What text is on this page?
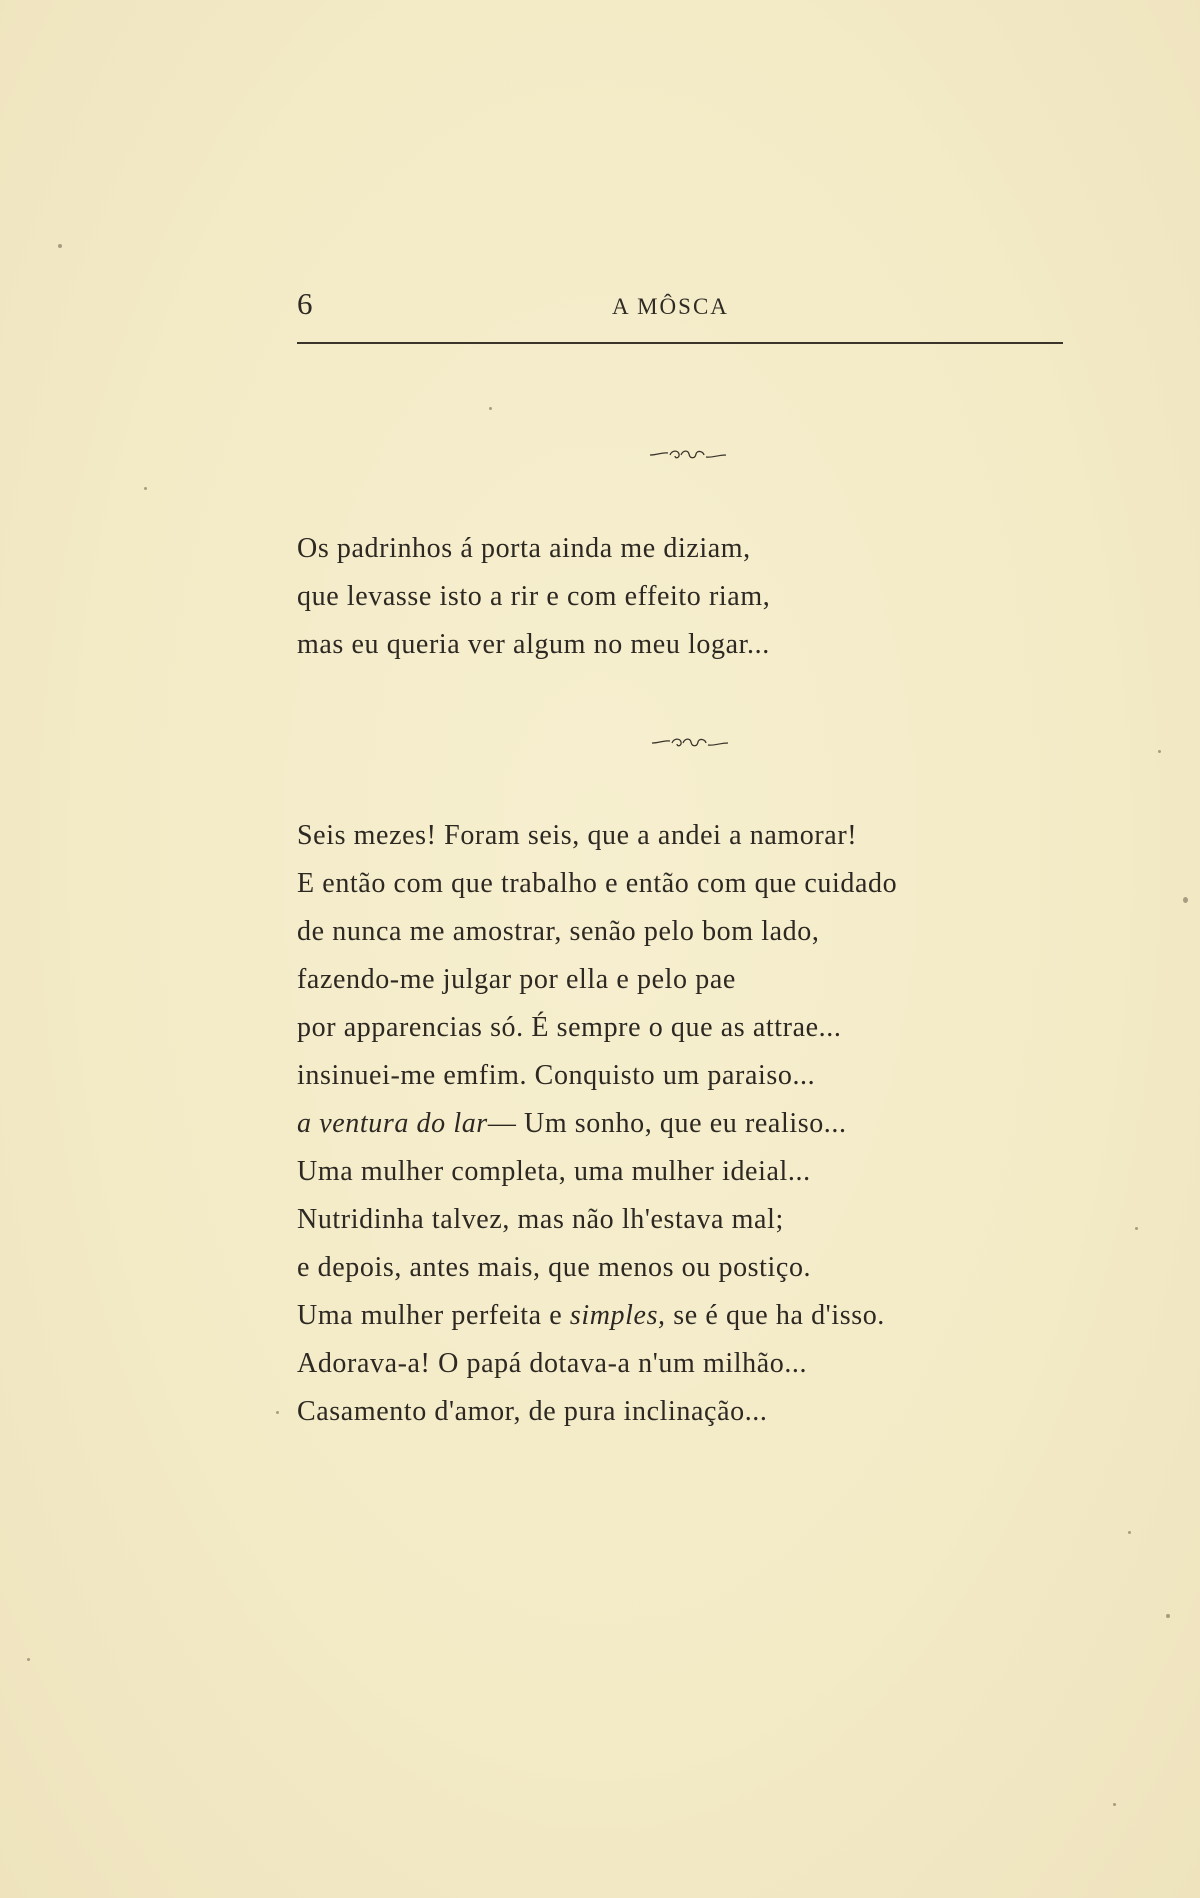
6	A MÔSCA
Os padrinhos á porta ainda me diziam,
que levasse isto a rir e com effeito riam,
mas eu queria ver algum no meu logar...
Seis mezes! Foram seis, que a andei a namorar!
E então com que trabalho e então com que cuidado
de nunca me amostrar, senão pelo bom lado,
fazendo-me julgar por ella e pelo pae
por apparencias só. É sempre o que as attrae...
insinuei-me emfim. Conquisto um paraiso...
a ventura do lar— Um sonho, que eu realiso...
Uma mulher completa, uma mulher ideial...
Nutridinha talvez, mas não lh'estava mal;
e depois, antes mais, que menos ou postiço.
Uma mulher perfeita e simples, se é que ha d'isso.
Adorava-a! O papá dotava-a n'um milhão...
Casamento d'amor, de pura inclinação...
